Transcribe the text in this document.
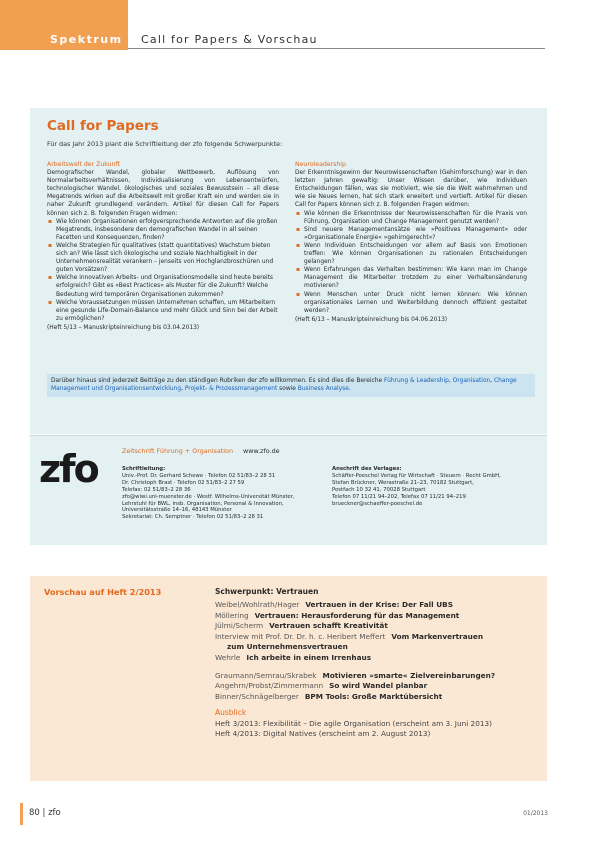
Spektrum Call for Papers & Vorschau
Call for Papers
Für das Jahr 2013 plant die Schriftleitung der zfo folgende Schwerpunkte:
Arbeitswelt der Zukunft

Demografischer Wandel, globaler Wettbewerb, Auflösung von Normalarbeitsverhältnissen, Individualisierung von Lebensentwürfen, technologischer Wandel, ökologisches und soziales Bewusstsein – all diese Megatrends wirken auf die Arbeitswelt mit großer Kraft ein und werden sie in naher Zukunft grundlegend verändern. Artikel für diesen Call for Papers können sich z. B. folgenden Fragen widmen:

▪ Wie können Organisationen erfolgversprechende Antworten auf die großen Megatrends, insbesondere den demografischen Wandel in all seinen Facetten und Konsequenzen, finden?
▪ Welche Strategien für qualitatives (statt quantitatives) Wachstum bieten sich an? Wie lässt sich ökologische und soziale Nachhaltigkeit in der Unternehmensrealität verankern – jenseits von Hochglanzbroschüren und guten Vorsätzen?
▪ Welche innovativen Arbeits- und Organisationsmodelle sind heute bereits erfolgreich? Gibt es »Best Practices« als Muster für die Zukunft? Welche Bedeutung wird temporären Organisationen zukommen?
▪ Welche Voraussetzungen müssen Unternehmen schaffen, um Mitarbeitern eine gesunde Life-Domain-Balance und mehr Glück und Sinn bei der Arbeit zu ermöglichen?

(Heft 5/13 – Manuskripteinreichung bis 03.04.2013)

Neuroleadership

Der Erkenntnisgewinn der Neurowissenschaften (Gehirnforschung) war in den letzten Jahren gewaltig: Unser Wissen darüber, wie Individuen Entscheidungen fällen, was sie motiviert, wie sie die Welt wahrnehmen und wie sie Neues lernen, hat sich stark erweitert und vertieft. Artikel für diesen Call for Papers können sich z. B. folgenden Fragen widmen:

▪ Wie können die Erkenntnisse der Neurowissenschaften für die Praxis von Führung, Organisation und Change Management genutzt werden?
▪ Sind neuere Managementansätze wie »Positives Management« oder »Organisationale Energie« »gehirngerecht«?
▪ Wenn Individuen Entscheidungen vor allem auf Basis von Emotionen treffen: Wie können Organisationen zu rationalen Entscheidungen gelangen?
▪ Wenn Erfahrungen das Verhalten bestimmen: Wie kann man im Change Management die Mitarbeiter trotzdem zu einer Verhaltensänderung motivieren?
▪ Wenn Menschen unter Druck nicht lernen können: Wie können organisationales Lernen und Weiterbildung dennoch effizient gestaltet werden?

(Heft 6/13 – Manuskripteinreichung bis 04.06.2013)

Darüber hinaus sind jederzeit Beiträge zu den ständigen Rubriken der zfo willkommen. Es sind dies die Bereiche Führung & Leadership, Organisation, Change Management und Organisationsentwicklung, Projekt- & Prozessmanagement sowie Business Analyse.
zfo	Zeitschrift Führung + Organisation www.zfo.de
Schriftleitung:
Univ.-Prof. Dr. Gerhard Schewe · Telefon 02 51/83–2 28 31
Dr. Christoph Brast · Telefon 02 51/83–2 27 59
Telefax: 02 51/83–2 28 36
zfo@wiwi.uni-muenster.de · Westf. Wilhelms-Universität Münster,
Lehrstuhl für BWL, insb. Organisation, Personal & Innovation,
Universitätsstraße 14–16, 48143 Münster
Sekretariat: Ch. Semptner · Telefon 02 51/83–2 28 31
Anschrift des Verlages:
Schäffer-Poeschel Verlag für Wirtschaft · Steuern · Recht GmbH,
Stefan Brückner, Werastraße 21–23, 70182 Stuttgart,
Postfach 10 32 41, 70028 Stuttgart
Telefon 07 11/21 94–202, Telefax 07 11/21 94–219
brueckner@schaeffer-poeschel.de
Vorschau auf Heft 2/2013	Schwerpunkt: Vertrauen
Weibel/Wohlrath/Hager Vertrauen in der Krise: Der Fall UBS
Möllering Vertrauen: Herausforderung für das Management
Jülmi/Scherm Vertrauen schafft Kreativität
Interview mit Prof. Dr. Dr. h. c. Heribert Meffert Vom Markenvertrauen
zum Unternehmensvertrauen
Wehrle Ich arbeite in einem Irrenhaus
Graumann/Semrau/Skrabek Motivieren »smarte« Zielvereinbarungen?
Angehrn/Probst/Zimmermann So wird Wandel planbar
Binner/Schnägelberger BPM Tools: Große Marktübersicht
Ausblick
Heft 3/2013: Flexibilität – Die agile Organisation (erscheint am 3. Juni 2013)
Heft 4/2013: Digital Natives (erscheint am 2. August 2013)
80 | zfo	01/2013
